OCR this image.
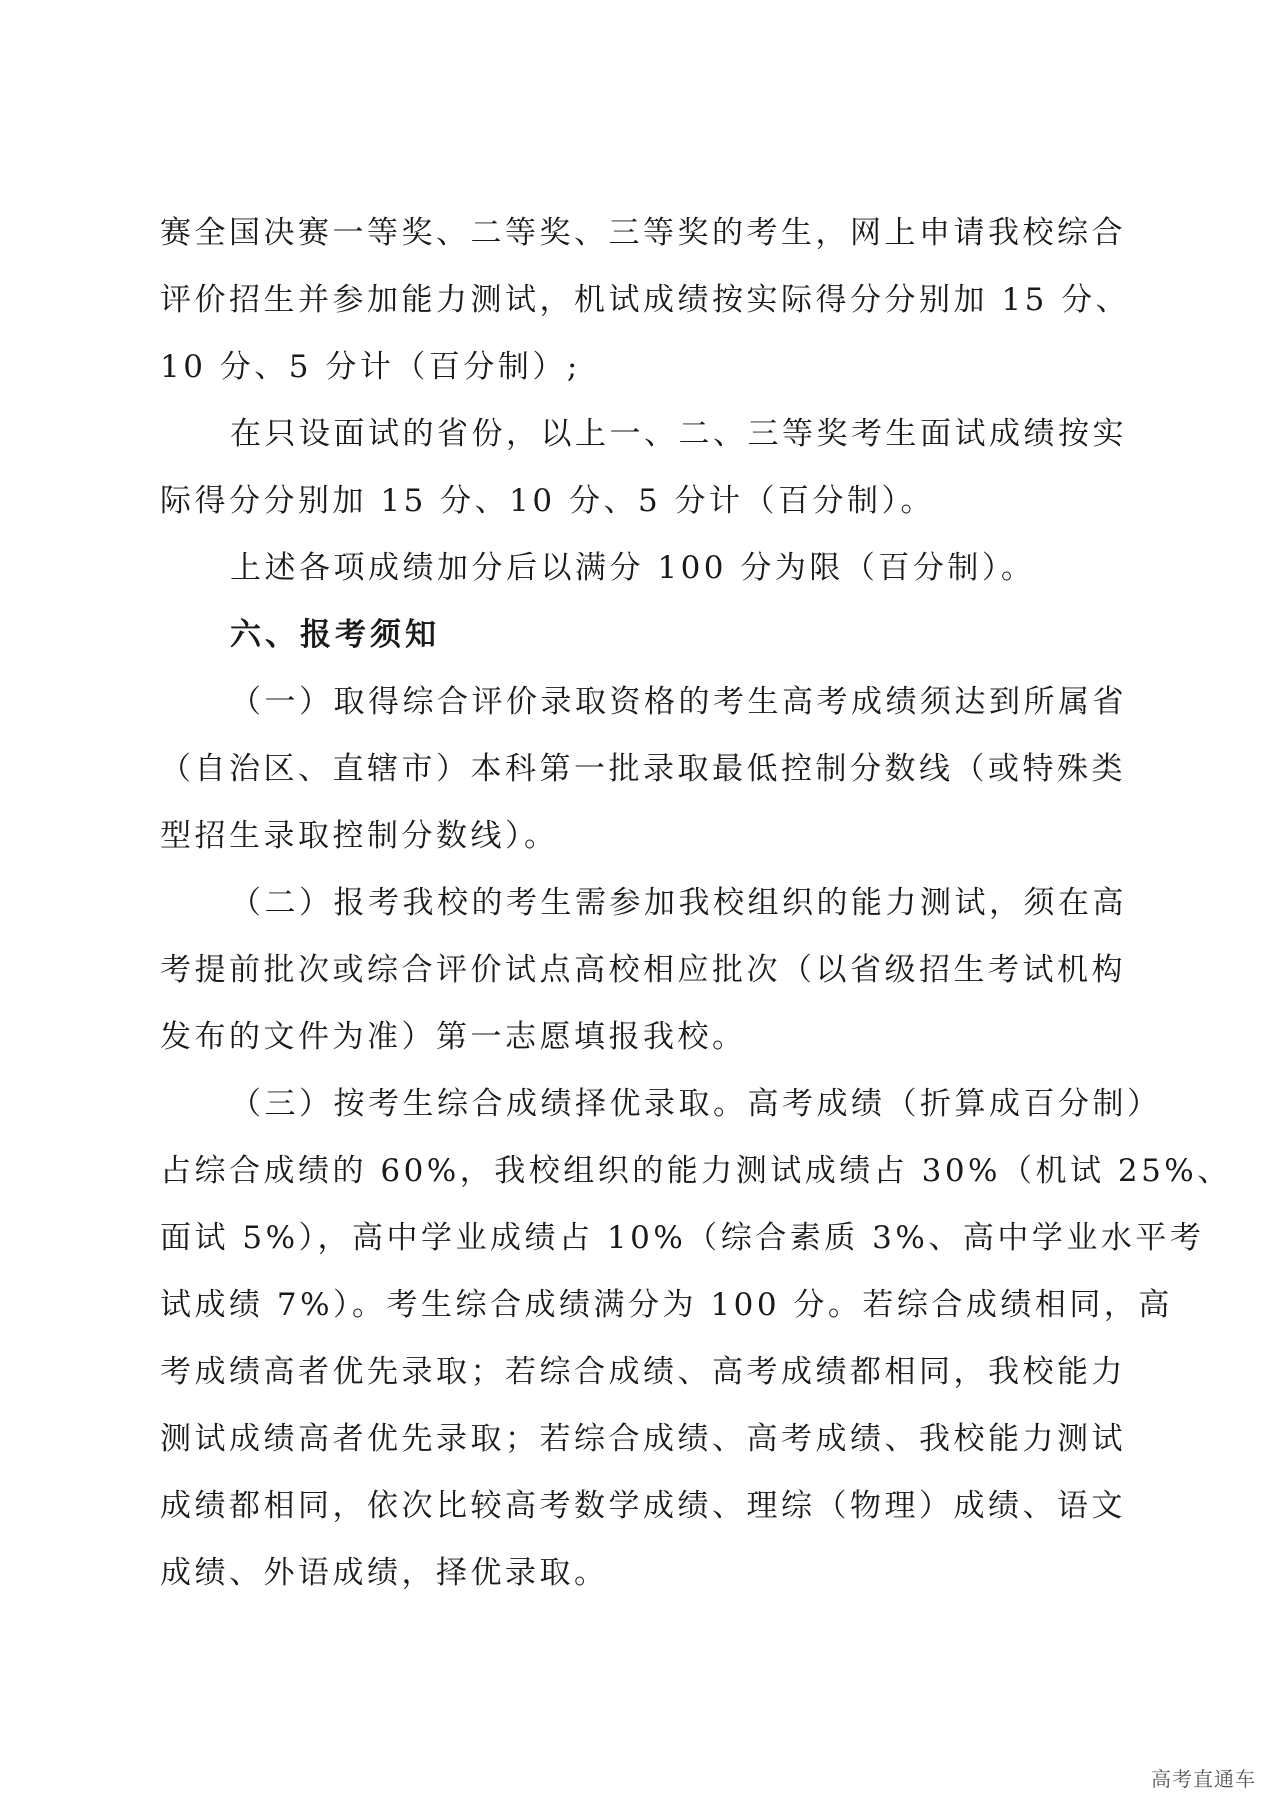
赛全国决赛一等奖、二等奖、三等奖的考生，网上申请我校综合
评价招生并参加能力测试，机试成绩按实际得分分别加 15 分、
10 分、5 分计（百分制）;
在只设面试的省份，以上一、二、三等奖考生面试成绩按实
际得分分别加 15 分、10 分、5 分计（百分制）。
上述各项成绩加分后以满分 100 分为限（百分制）。
六、报考须知
（一）取得综合评价录取资格的考生高考成绩须达到所属省
（自治区、直辖市）本科第一批录取最低控制分数线（或特殊类
型招生录取控制分数线）。
（二）报考我校的考生需参加我校组织的能力测试，须在高
考提前批次或综合评价试点高校相应批次（以省级招生考试机构
发布的文件为准）第一志愿填报我校。
（三）按考生综合成绩择优录取。高考成绩（折算成百分制）
占综合成绩的 60%，我校组织的能力测试成绩占 30%（机试 25%、
面试 5%），高中学业成绩占 10%（综合素质 3%、高中学业水平考
试成绩 7%）。考生综合成绩满分为 100 分。若综合成绩相同，高
考成绩高者优先录取；若综合成绩、高考成绩都相同，我校能力
测试成绩高者优先录取；若综合成绩、高考成绩、我校能力测试
成绩都相同，依次比较高考数学成绩、理综（物理）成绩、语文
成绩、外语成绩，择优录取。
高考直通车
